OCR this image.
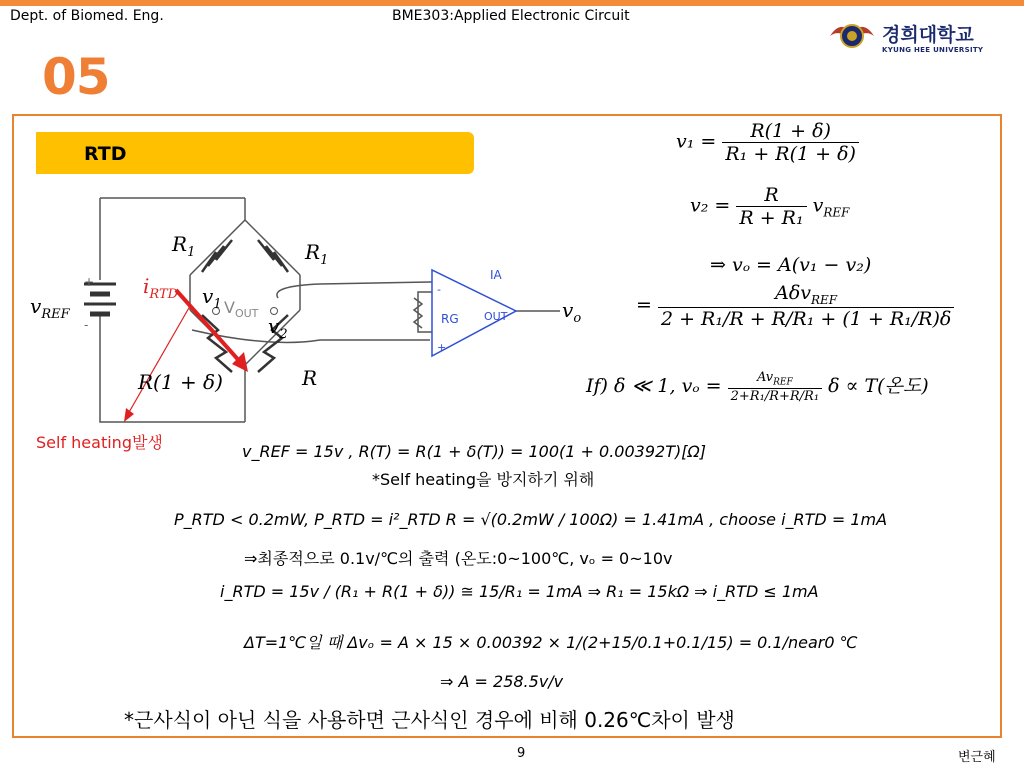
Dept. of Biomed. Eng.	BME303:Applied Electronic Circuit
경희대학교
KYUNG HEE UNIVERSITY
05
RTD
$v_{REF}$
+
-
$R_1$	$R_1$
$i_{RTD}$ $v_1$ $V_{OUT}$
$v_2$
R(1 + δ)	R
IA
RG OUT
-
+
$v_o$
Self heating발생
$v_1 = \frac{R(1 + \delta)}{\text{R₁ + R(1 + δ)}}$
$v_2 = \frac{R}{\text{R + R₁}} v_{REF}$
⇒ vₒ = A(v₁ − v₂)
= $\frac{A\delta v_{REF}}{\text{2 + R₁/R + R/R₁ + (1 + R₁/R)δ}}$
If) δ ≪ 1, $v_o = \frac{Av_{REF}}{\text{2+R₁/R+R/R₁}}$ δ ∝ T(온도)
v_REF = 15v , R(T) = R(1 + δ(T)) = 100(1 + 0.00392T)[Ω]
*Self heating을 방지하기 위해
P_RTD < 0.2mW, P_RTD = i²_RTD R = √(0.2mW / 100Ω) = 1.41mA , choose i_RTD = 1mA
⇒최종적으로 0.1v/℃의 출력 (온도:0~100℃, vₒ = 0~10v
i_RTD = 15v / (R₁ + R(1 + δ)) ≅ 15/R₁ = 1mA ⇒ R₁ = 15kΩ ⇒ i_RTD ≤ 1mA
ΔT=1℃일 때 Δvₒ = A × 15 × 0.00392 × 1/(2+15/0.1+0.1/15) = 0.1/near0 ℃
⇒ A = 258.5v/v
*근사식이 아닌 식을 사용하면 근사식인 경우에 비해 0.26℃차이 발생
9	변근혜
